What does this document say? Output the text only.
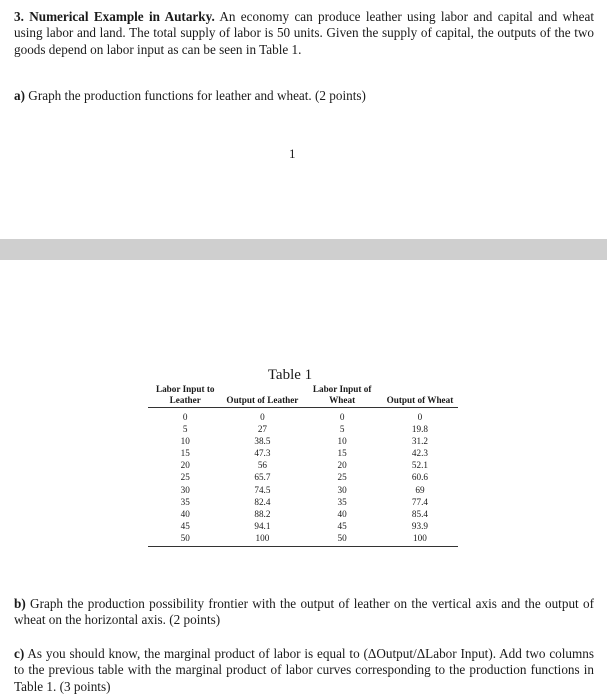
3. Numerical Example in Autarky. An economy can produce leather using labor and capital and wheat using labor and land. The total supply of labor is 50 units. Given the supply of capital, the outputs of the two goods depend on labor input as can be seen in Table 1.
a) Graph the production functions for leather and wheat. (2 points)
1
Table 1
Labor Input to Leather	Output of Leather	Labor Input of Wheat	Output of Wheat
0	0	0	0
5	27	5	19.8
10	38.5	10	31.2
15	47.3	15	42.3
20	56	20	52.1
25	65.7	25	60.6
30	74.5	30	69
35	82.4	35	77.4
40	88.2	40	85.4
45	94.1	45	93.9
50	100	50	100
b) Graph the production possibility frontier with the output of leather on the vertical axis and the output of wheat on the horizontal axis. (2 points)
c) As you should know, the marginal product of labor is equal to (ΔOutput/ΔLabor Input). Add two columns to the previous table with the marginal product of labor curves corresponding to the production functions in Table 1. (3 points)
